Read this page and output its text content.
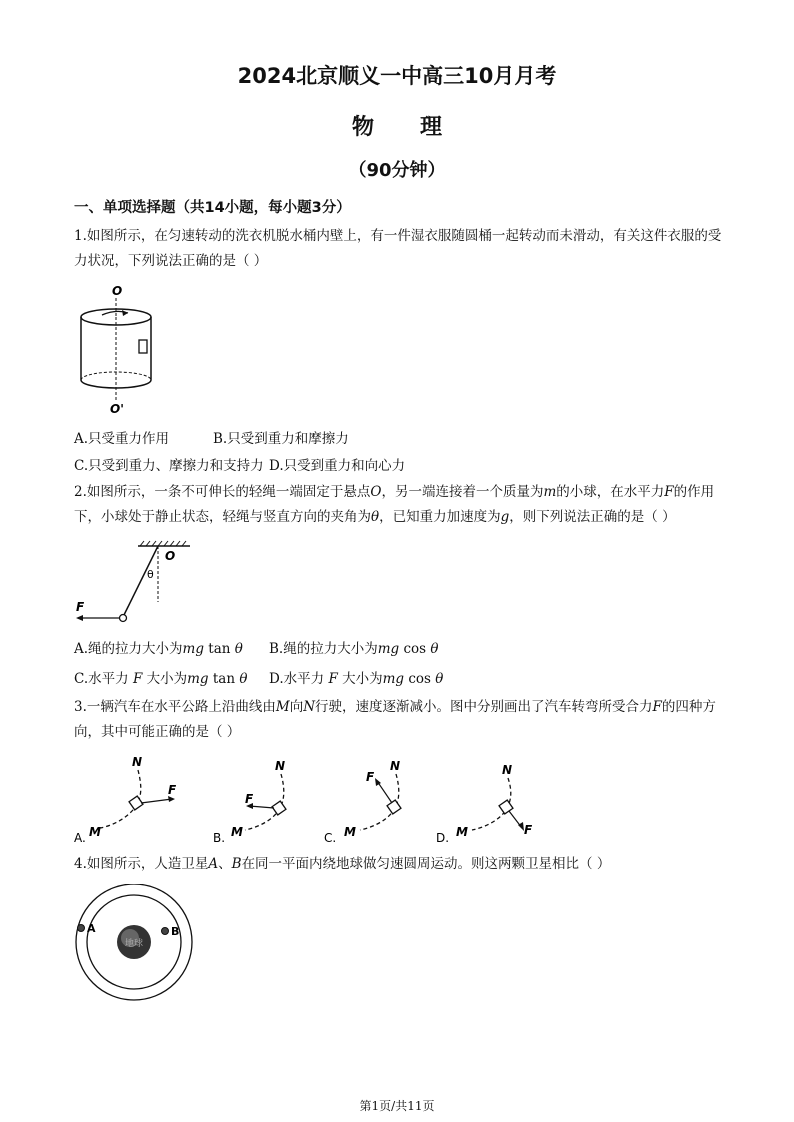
2024北京顺义一中高三10月月考
物 理
（90分钟）
一、单项选择题（共14小题，每小题3分）
1.如图所示，在匀速转动的洗衣机脱水桶内壁上，有一件湿衣服随圆桶一起转动而未滑动，有关这件衣服的受力状况，下列说法正确的是（ ）
O
O'
A.只受重力作用	B.只受到重力和摩擦力
C.只受到重力、摩擦力和支持力 D.只受到重力和向心力
2.如图所示，一条不可伸长的轻绳一端固定于悬点O，另一端连接着一个质量为m的小球，在水平力F的作用下，小球处于静止状态，轻绳与竖直方向的夹角为θ，已知重力加速度为g，则下列说法正确的是（ ）
O
θ
F
A.绳的拉力大小为mg tan θ B.绳的拉力大小为mg cos θ
C.水平力 F 大小为mg tan θ D.水平力 F 大小为mg cos θ
3.一辆汽车在水平公路上沿曲线由M向N行驶，速度逐渐减小。图中分别画出了汽车转弯所受合力F的四种方向，其中可能正确的是（ ）
A.
N
F
M	B.
N
F
M	C.
N
F
M	D.
N
F
M
4.如图所示，人造卫星A、B在同一平面内绕地球做匀速圆周运动。则这两颗卫星相比（ ）
地球
A	B
第1页/共11页
